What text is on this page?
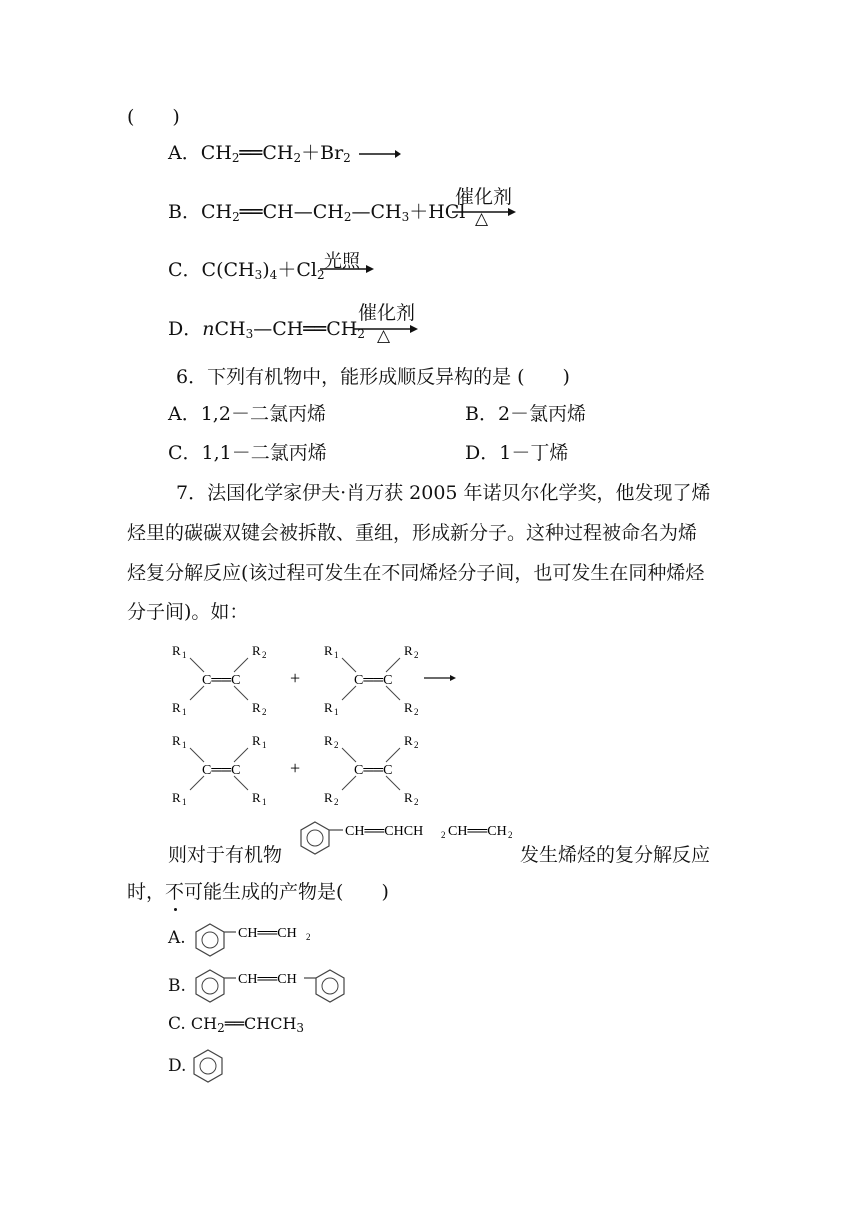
(　　)
A．$CH_2══CH_2+Br_2$ →
B．$CH_2══CH—CH_2—CH_3+HCl$
催化剂
△
C．$C(CH_3)_4+Cl_2$
光照
D．$nCH_3—CH══CH_2$
催化剂
△
6．下列有机物中，能形成顺反异构的是 (　　)
A．1,2－二氯丙烯	B．2－氯丙烯
C．1,1－二氯丙烯	D．1－丁烯
7．法国化学家伊夫·肖万获 2005 年诺贝尔化学奖，他发现了烯
烃里的碳碳双键会被拆散、重组，形成新分子。这种过程被命名为烯
烃复分解反应(该过程可发生在不同烯烃分子间，也可发生在同种烯烃
分子间)。如：
R 1	R 2
R 1	R 2
C══C	+
R 1	R 2
R 1	R 2
C══C
R 1	R 1
R 1	R 1
C══C	+
R 2	R 2
R 2	R 2
C══C
则对于有机物
CH══CHCH 2 CH══CH 2
发生烯烃的复分解反应
时，不可能生成的产物是(　　)
A.	CH══CH 2
B.	CH══CH
C. $CH_2══CHCH_3$
D.
